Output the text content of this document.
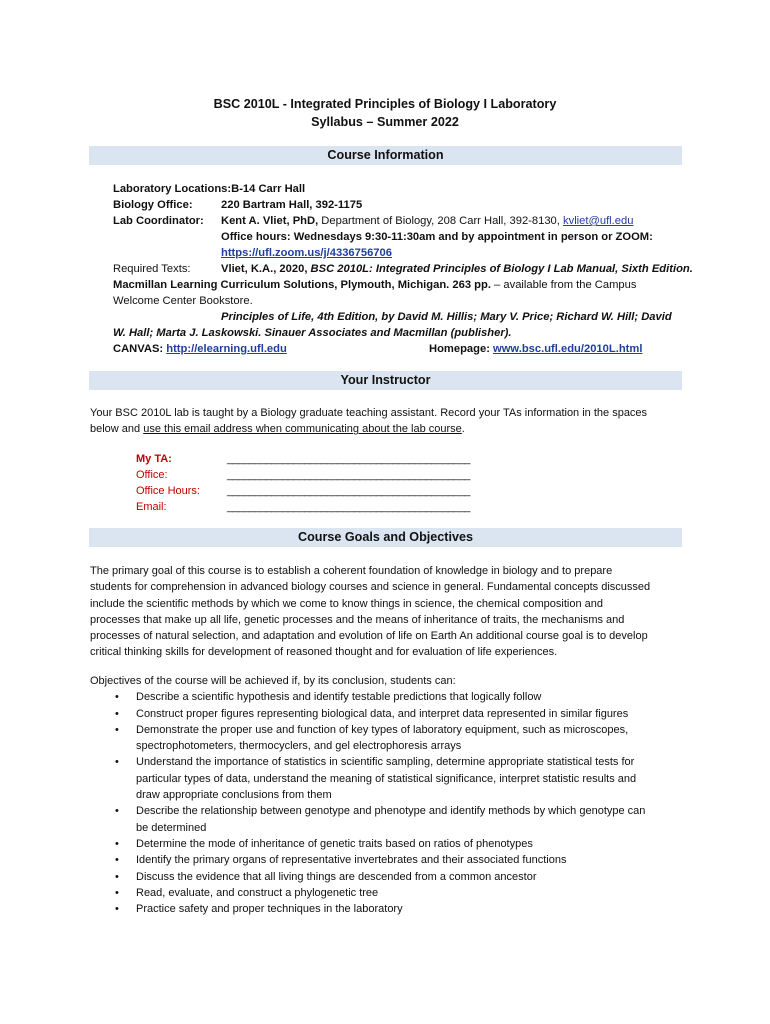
BSC 2010L - Integrated Principles of Biology I Laboratory
Syllabus – Summer 2022
Course Information
Laboratory Locations:B-14 Carr Hall
Biology Office:	220 Bartram Hall, 392-1175
Lab Coordinator: Kent A. Vliet, PhD, Department of Biology, 208 Carr Hall, 392-8130, kvliet@ufl.edu
Office hours: Wednesdays 9:30-11:30am and by appointment in person or ZOOM:
https://ufl.zoom.us/j/4336756706
Required Texts:	Vliet, K.A., 2020, BSC 2010L: Integrated Principles of Biology I Lab Manual, Sixth Edition.
Macmillan Learning Curriculum Solutions, Plymouth, Michigan. 263 pp. – available from the Campus
Welcome Center Bookstore.
Principles of Life, 4th Edition, by David M. Hillis; Mary V. Price; Richard W. Hill; David
W. Hall; Marta J. Laskowski. Sinauer Associates and Macmillan (publisher).
CANVAS: http://elearning.ufl.edu	Homepage: www.bsc.ufl.edu/2010L.html
Your Instructor
Your BSC 2010L lab is taught by a Biology graduate teaching assistant. Record your TAs information in the spaces
below and use this email address when communicating about the lab course.
My TA:	____________________________________________
Office:	____________________________________________
Office Hours: ____________________________________________
Email:	____________________________________________
Course Goals and Objectives
The primary goal of this course is to establish a coherent foundation of knowledge in biology and to prepare
students for comprehension in advanced biology courses and science in general. Fundamental concepts discussed
include the scientific methods by which we come to know things in science, the chemical composition and
processes that make up all life, genetic processes and the means of inheritance of traits, the mechanisms and
processes of natural selection, and adaptation and evolution of life on Earth An additional course goal is to develop
critical thinking skills for development of reasoned thought and for evaluation of life experiences.
Objectives of the course will be achieved if, by its conclusion, students can:
• Describe a scientific hypothesis and identify testable predictions that logically follow
• Construct proper figures representing biological data, and interpret data represented in similar figures
• Demonstrate the proper use and function of key types of laboratory equipment, such as microscopes,
spectrophotometers, thermocyclers, and gel electrophoresis arrays
• Understand the importance of statistics in scientific sampling, determine appropriate statistical tests for
particular types of data, understand the meaning of statistical significance, interpret statistic results and
draw appropriate conclusions from them
• Describe the relationship between genotype and phenotype and identify methods by which genotype can
be determined
• Determine the mode of inheritance of genetic traits based on ratios of phenotypes
• Identify the primary organs of representative invertebrates and their associated functions
• Discuss the evidence that all living things are descended from a common ancestor
• Read, evaluate, and construct a phylogenetic tree
• Practice safety and proper techniques in the laboratory
